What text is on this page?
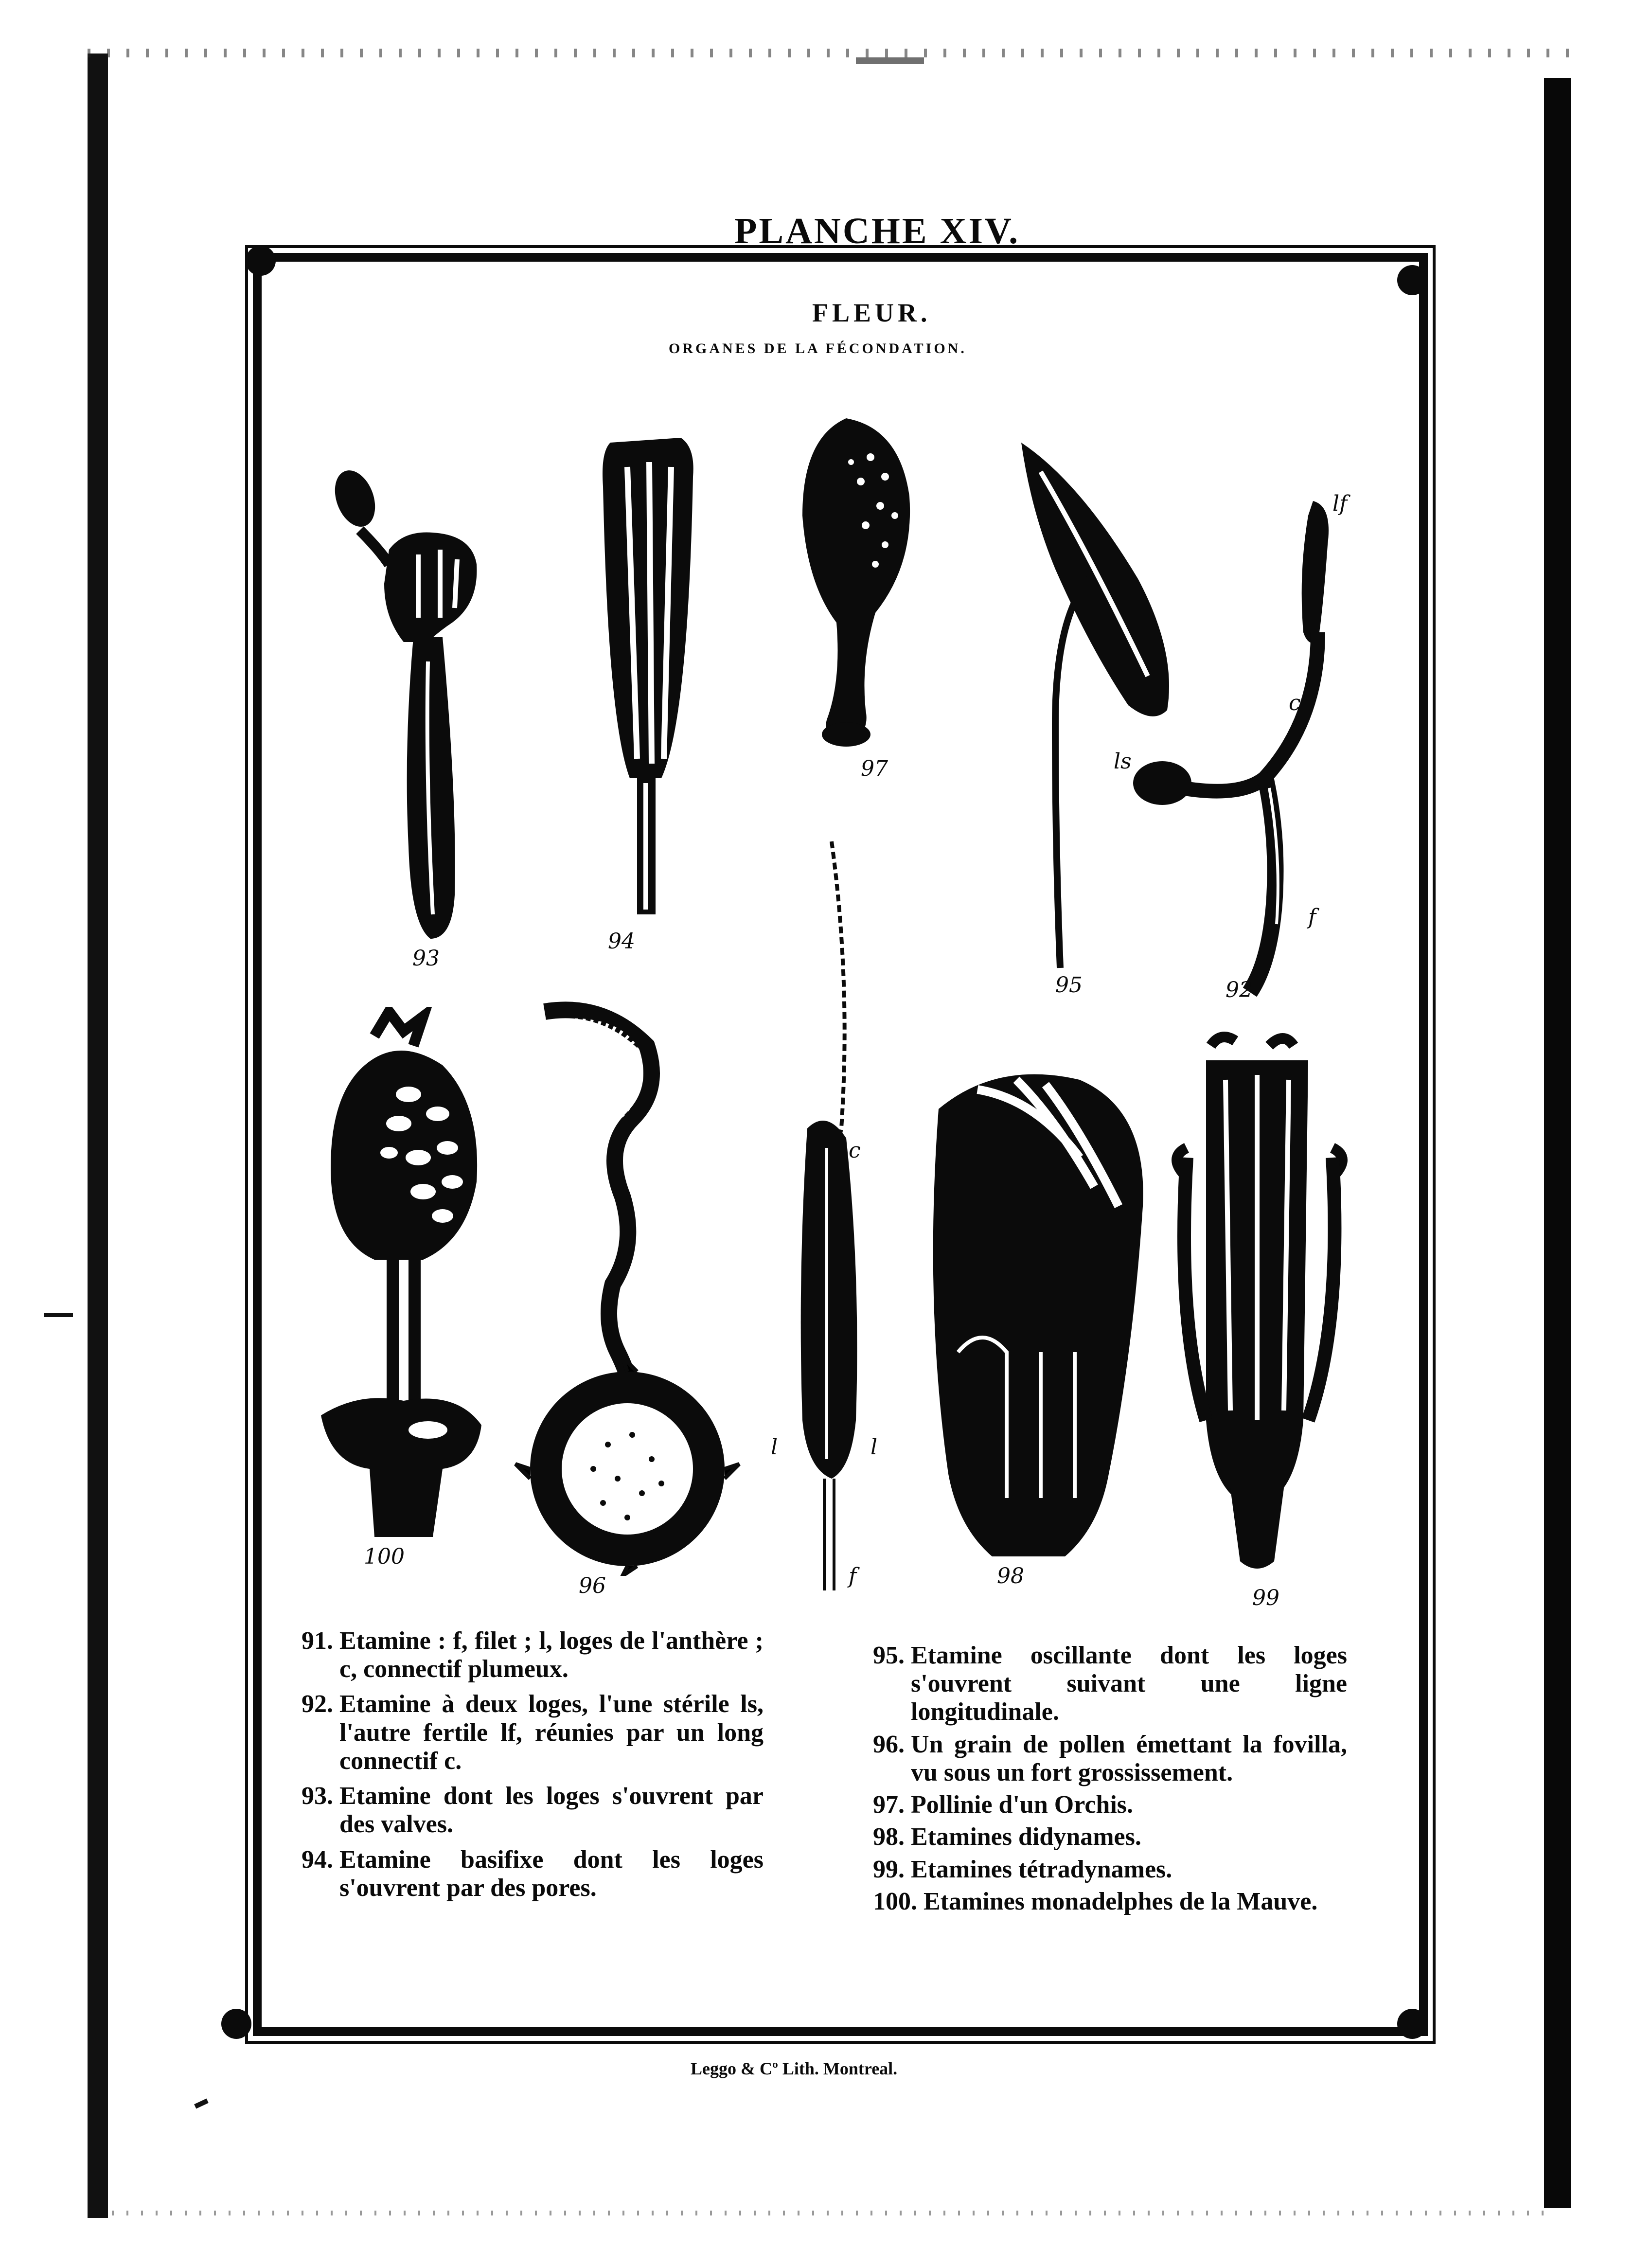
PLANCHE XIV.
FLEUR.
ORGANES DE LA FÉCONDATION.
93
94
97
95
lf
c
ls
f
92
100
96
c
l	l
f	98
99
91. Etamine : f, filet ; l, loges de l'anthère ; c, connectif plumeux.
92. Etamine à deux loges, l'une stérile ls, l'autre fertile lf, réunies par un long connectif c.
93. Etamine dont les loges s'ouvrent par des valves.
94. Etamine basifixe dont les loges s'ouvrent par des pores.
95. Etamine oscillante dont les loges s'ouvrent suivant une ligne longitudinale.
96. Un grain de pollen émettant la fovilla, vu sous un fort grossissement.
97. Pollinie d'un Orchis.
98. Etamines didynames.
99. Etamines tétradynames.
100. Etamines monadelphes de la Mauve.
Leggo & Cº Lith. Montreal.
